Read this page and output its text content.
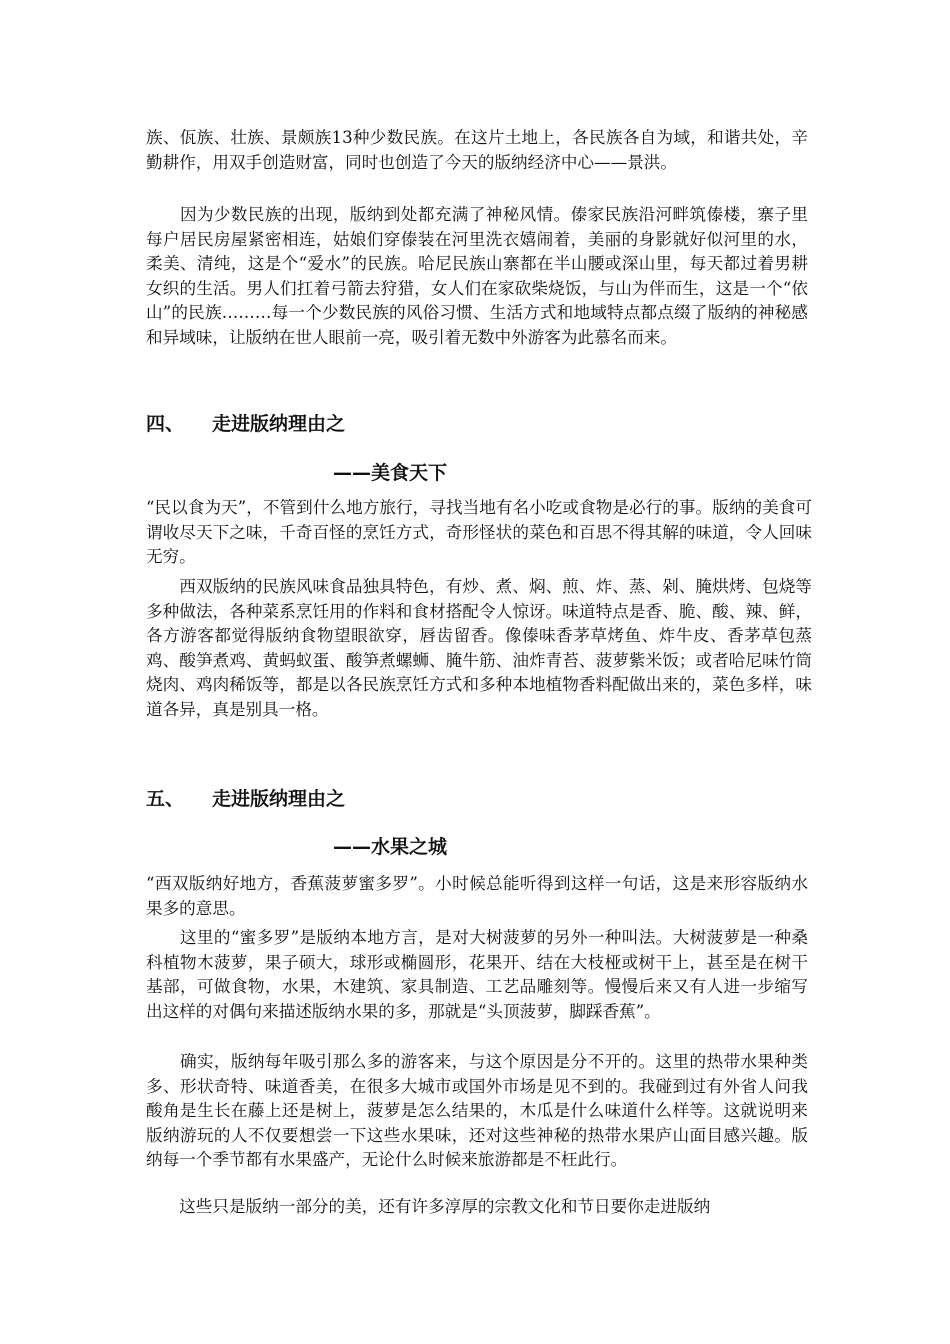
族、佤族、壮族、景颇族13种少数民族。在这片土地上，各民族各自为域，和谐共处，辛勤耕作，用双手创造财富，同时也创造了今天的版纳经济中心——景洪。

　　因为少数民族的出现，版纳到处都充满了神秘风情。傣家民族沿河畔筑傣楼，寨子里每户居民房屋紧密相连，姑娘们穿傣装在河里洗衣嬉闹着，美丽的身影就好似河里的水，柔美、清纯，这是个“爱水”的民族。哈尼民族山寨都在半山腰或深山里，每天都过着男耕女织的生活。男人们扛着弓箭去狩猎，女人们在家砍柴烧饭，与山为伴而生，这是一个“依山”的民族………每一个少数民族的风俗习惯、生活方式和地域特点都点缀了版纳的神秘感和异域味，让版纳在世人眼前一亮，吸引着无数中外游客为此慕名而来。

四、 走进版纳理由之
——美食天下

“民以食为天”，不管到什么地方旅行，寻找当地有名小吃或食物是必行的事。版纳的美食可谓收尽天下之味，千奇百怪的烹饪方式，奇形怪状的菜色和百思不得其解的味道，令人回味无穷。

　　西双版纳的民族风味食品独具特色，有炒、煮、焖、煎、炸、蒸、剁、腌烘烤、包烧等多种做法，各种菜系烹饪用的作料和食材搭配令人惊讶。味道特点是香、脆、酸、辣、鲜，各方游客都觉得版纳食物望眼欲穿，唇齿留香。像傣味香茅草烤鱼、炸牛皮、香茅草包蒸鸡、酸笋煮鸡、黄蚂蚁蛋、酸笋煮螺蛳、腌牛筋、油炸青苔、菠萝紫米饭；或者哈尼味竹筒烧肉、鸡肉稀饭等，都是以各民族烹饪方式和多种本地植物香料配做出来的，菜色多样，味道各异，真是别具一格。

五、 走进版纳理由之
——水果之城

“西双版纳好地方，香蕉菠萝蜜多罗”。小时候总能听得到这样一句话，这是来形容版纳水果多的意思。

　　这里的“蜜多罗”是版纳本地方言，是对大树菠萝的另外一种叫法。大树菠萝是一种桑科植物木菠萝，果子硕大，球形或椭圆形，花果开、结在大枝桠或树干上，甚至是在树干基部，可做食物，水果，木建筑、家具制造、工艺品雕刻等。慢慢后来又有人进一步缩写出这样的对偶句来描述版纳水果的多，那就是“头顶菠萝，脚踩香蕉”。

　　确实，版纳每年吸引那么多的游客来，与这个原因是分不开的。这里的热带水果种类多、形状奇特、味道香美，在很多大城市或国外市场是见不到的。我碰到过有外省人问我酸角是生长在藤上还是树上，菠萝是怎么结果的，木瓜是什么味道什么样等。这就说明来版纳游玩的人不仅要想尝一下这些水果味，还对这些神秘的热带水果庐山面目感兴趣。版纳每一个季节都有水果盛产，无论什么时候来旅游都是不枉此行。

　　这些只是版纳一部分的美，还有许多淳厚的宗教文化和节日要你走进版纳
